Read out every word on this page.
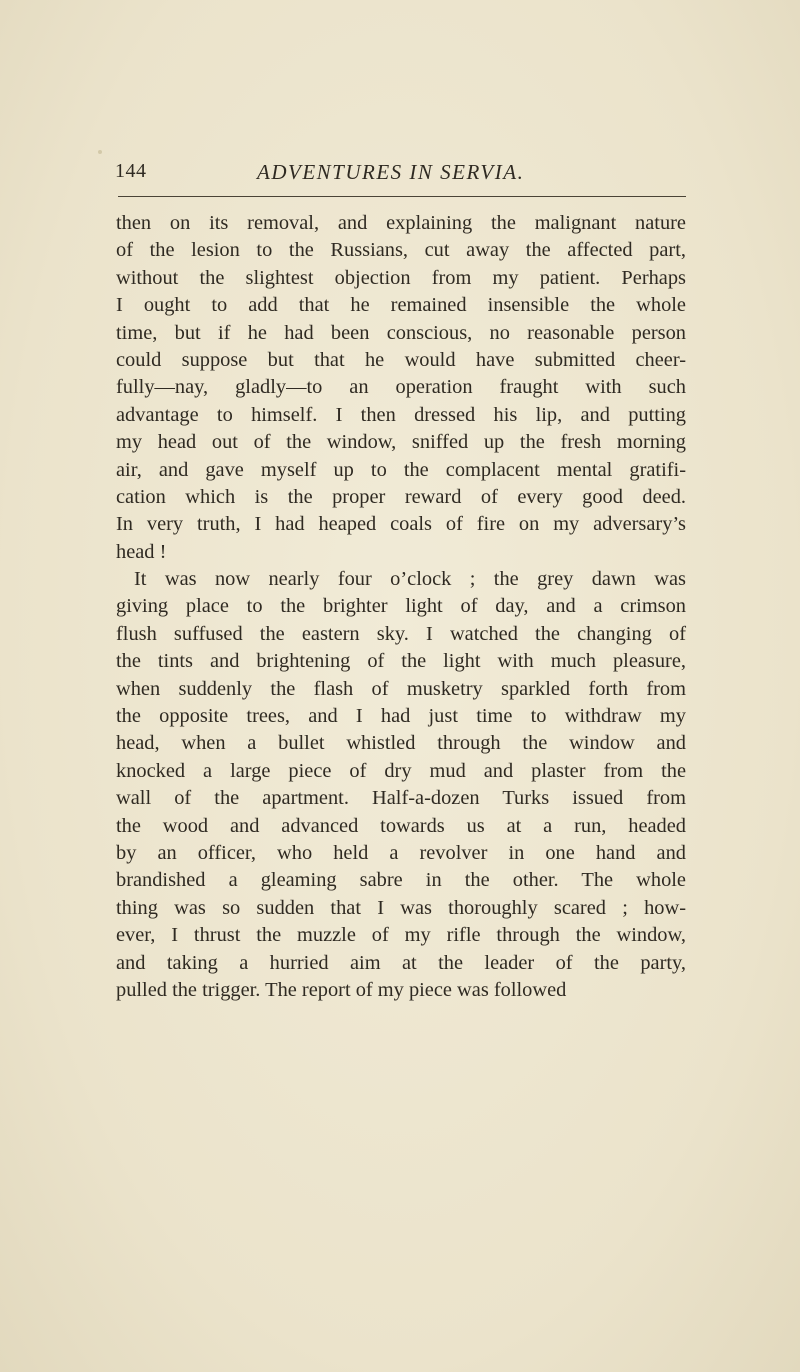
144	ADVENTURES IN SERVIA.
then on its removal, and explaining the malignant nature
of the lesion to the Russians, cut away the affected part,
without the slightest objection from my patient. Perhaps
I ought to add that he remained insensible the whole
time, but if he had been conscious, no reasonable person
could suppose but that he would have submitted cheer-
fully—nay, gladly—to an operation fraught with such
advantage to himself. I then dressed his lip, and putting
my head out of the window, sniffed up the fresh morning
air, and gave myself up to the complacent mental gratifi-
cation which is the proper reward of every good deed.
In very truth, I had heaped coals of fire on my adversary’s
head !
It was now nearly four o’clock ; the grey dawn was
giving place to the brighter light of day, and a crimson
flush suffused the eastern sky. I watched the changing of
the tints and brightening of the light with much pleasure,
when suddenly the flash of musketry sparkled forth from
the opposite trees, and I had just time to withdraw my
head, when a bullet whistled through the window and
knocked a large piece of dry mud and plaster from the
wall of the apartment. Half-a-dozen Turks issued from
the wood and advanced towards us at a run, headed
by an officer, who held a revolver in one hand and
brandished a gleaming sabre in the other. The whole
thing was so sudden that I was thoroughly scared ; how-
ever, I thrust the muzzle of my rifle through the window,
and taking a hurried aim at the leader of the party,
pulled the trigger. The report of my piece was followed
